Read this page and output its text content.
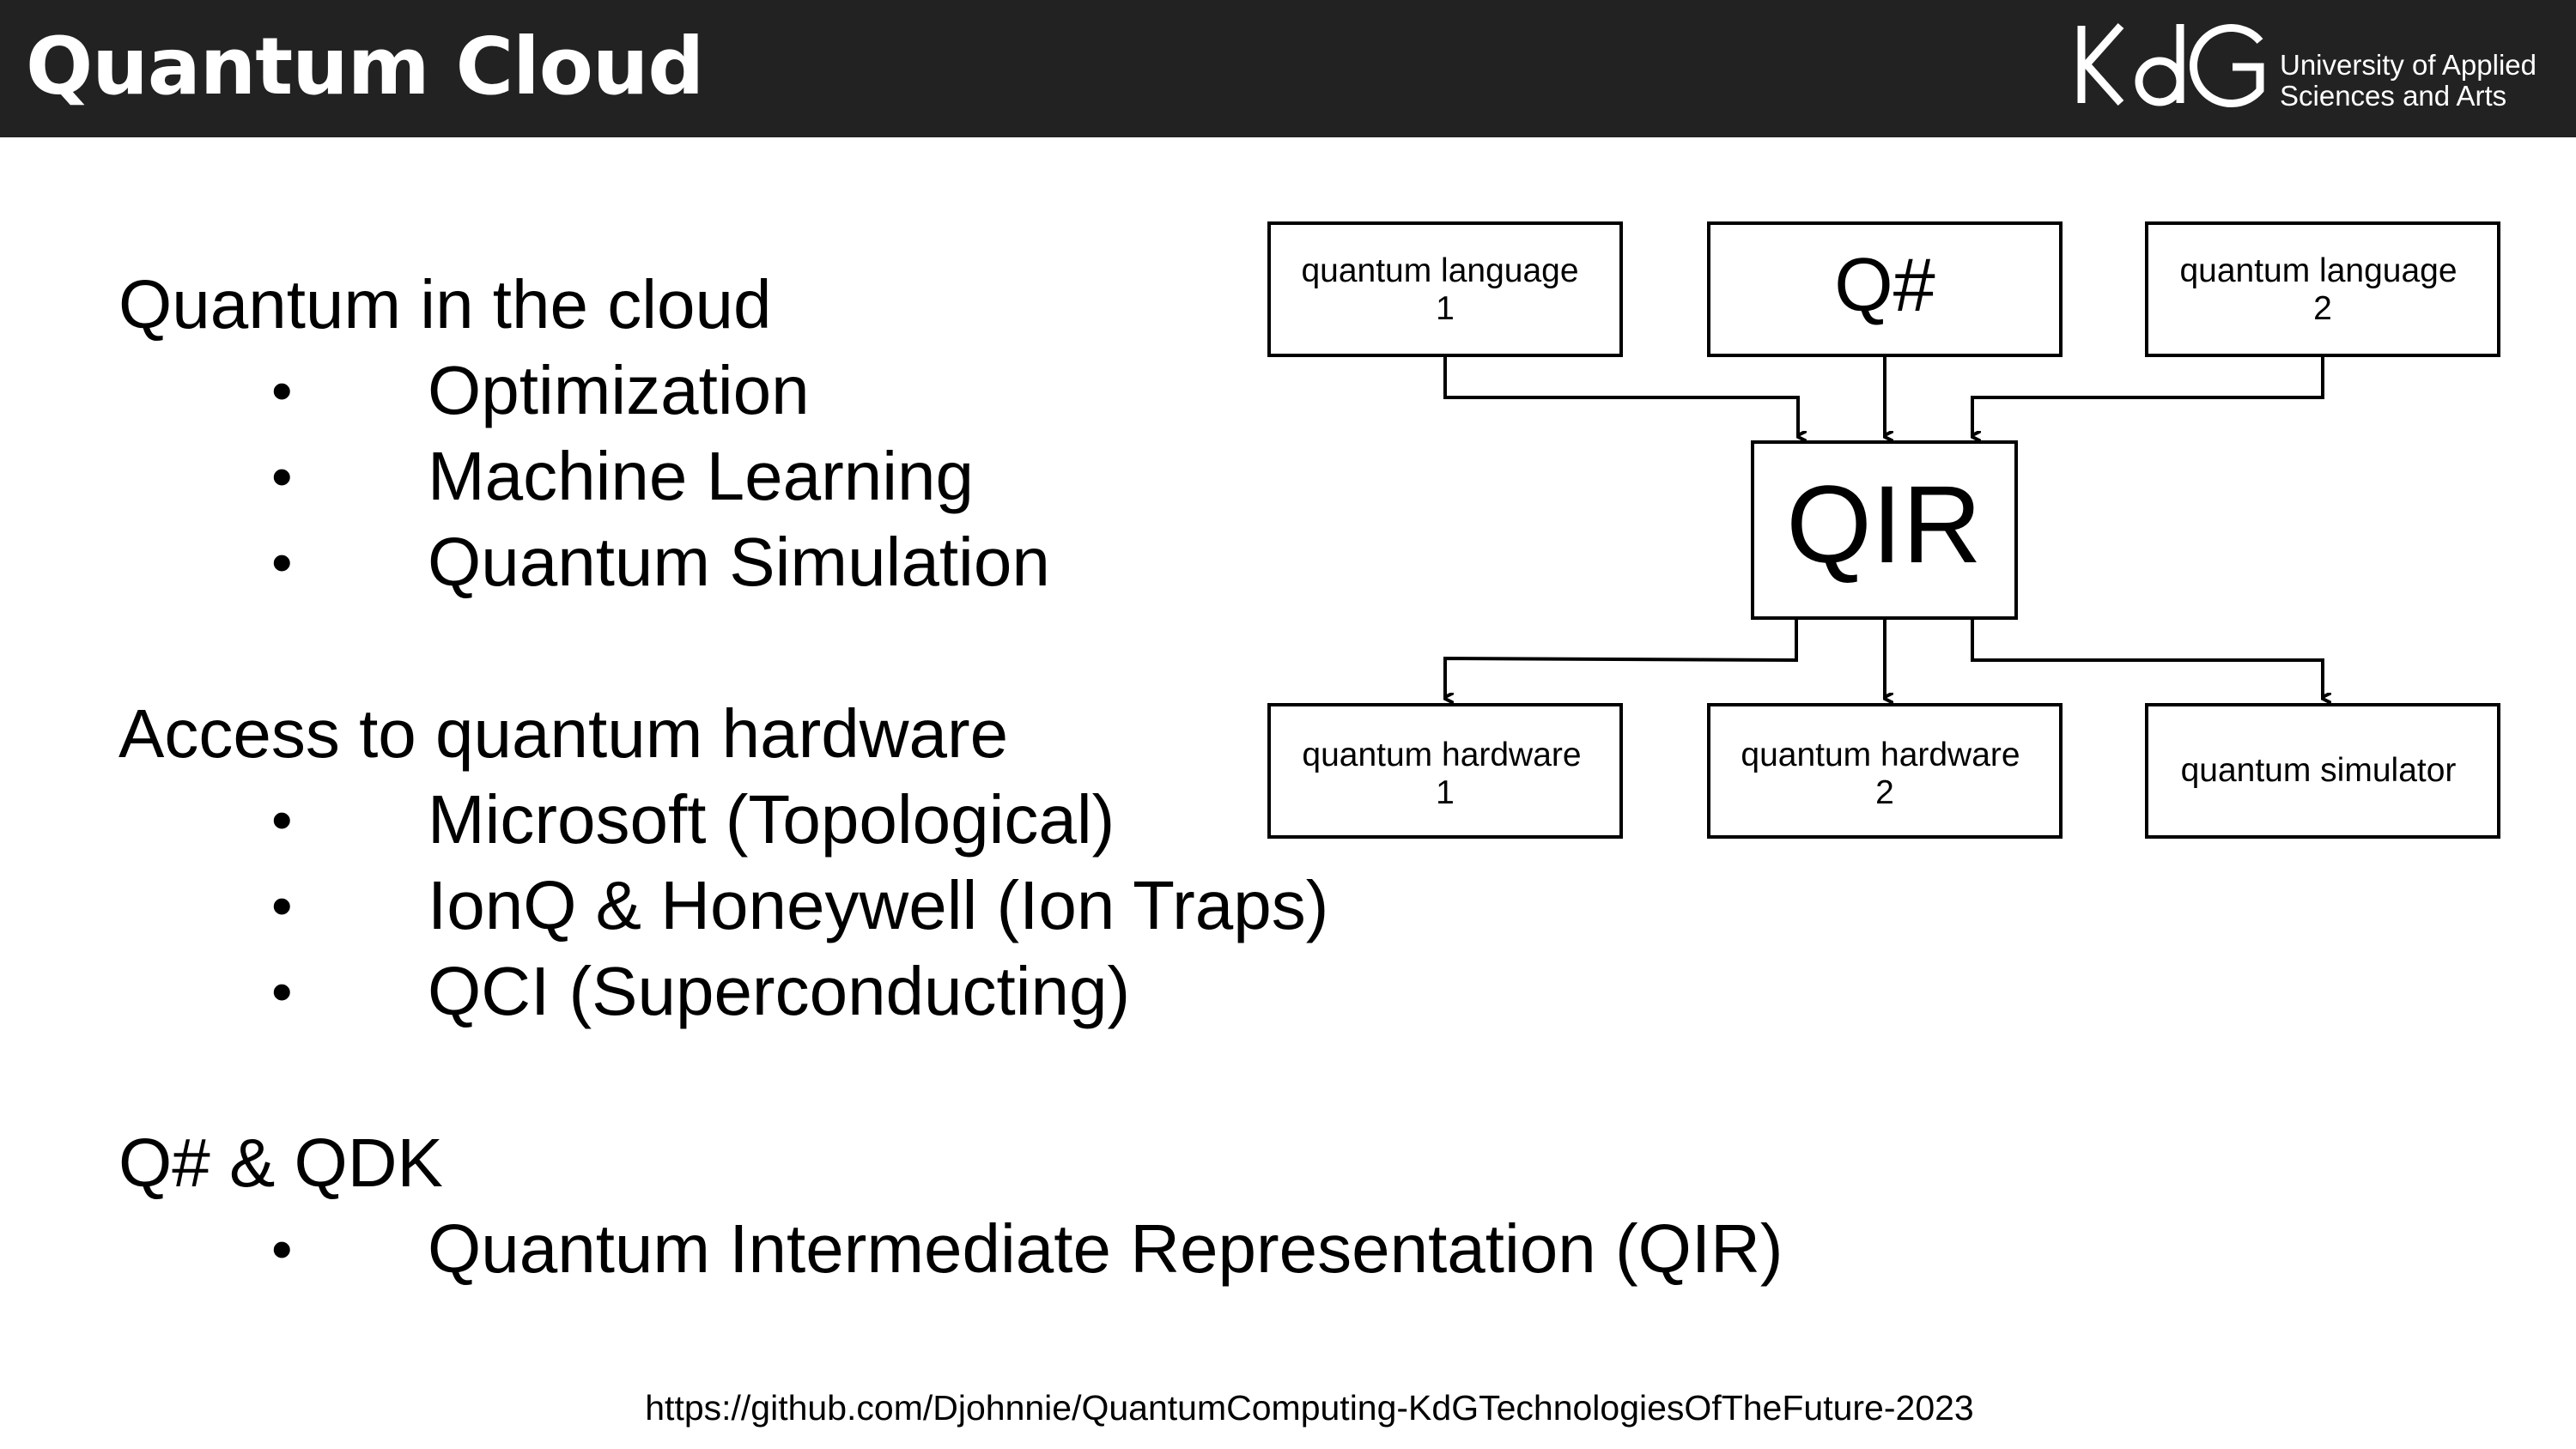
Quantum Cloud	University of Applied
Sciences and Arts
Quantum in the cloud
• Optimization
• Machine Learning
• Quantum Simulation
Access to quantum hardware
• Microsoft (Topological)
• IonQ & Honeywell (Ion Traps)
• QCI (Superconducting)
Q# & QDK
• Quantum Intermediate Representation (QIR)
quantum language
1	Q#	quantum language
2
QIR
quantum hardware
1
quantum hardware
2
quantum simulator
https://github.com/Djohnnie/QuantumComputing-KdGTechnologiesOfTheFuture-2023
